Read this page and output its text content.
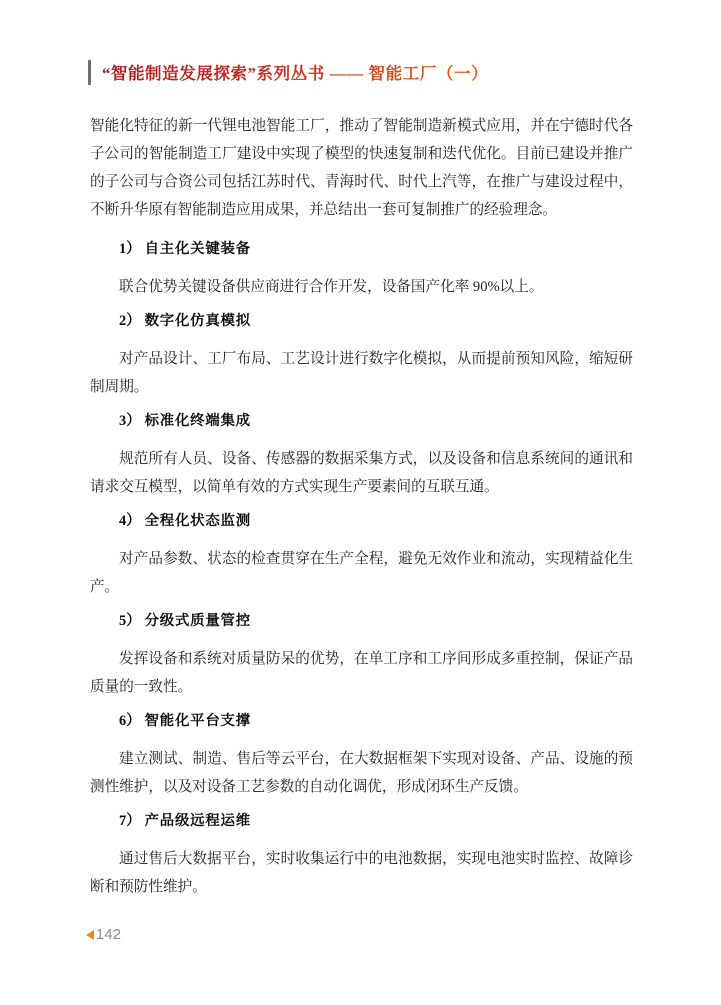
“智能制造发展探索”系列丛书 —— 智能工厂（一）

智能化特征的新一代锂电池智能工厂，推动了智能制造新模式应用，并在宁德时代各子公司的智能制造工厂建设中实现了模型的快速复制和迭代优化。目前已建设并推广的子公司与合资公司包括江苏时代、青海时代、时代上汽等，在推广与建设过程中，不断升华原有智能制造应用成果，并总结出一套可复制推广的经验理念。

1） 自主化关键装备

联合优势关键设备供应商进行合作开发，设备国产化率 90%以上。

2） 数字化仿真模拟

对产品设计、工厂布局、工艺设计进行数字化模拟，从而提前预知风险，缩短研制周期。

3） 标准化终端集成

规范所有人员、设备、传感器的数据采集方式，以及设备和信息系统间的通讯和请求交互模型，以简单有效的方式实现生产要素间的互联互通。

4） 全程化状态监测

对产品参数、状态的检查贯穿在生产全程，避免无效作业和流动，实现精益化生产。

5） 分级式质量管控

发挥设备和系统对质量防呆的优势，在单工序和工序间形成多重控制，保证产品质量的一致性。

6） 智能化平台支撑

建立测试、制造、售后等云平台，在大数据框架下实现对设备、产品、设施的预测性维护，以及对设备工艺参数的自动化调优，形成闭环生产反馈。

7） 产品级远程运维

通过售后大数据平台，实时收集运行中的电池数据，实现电池实时监控、故障诊断和预防性维护。

142
